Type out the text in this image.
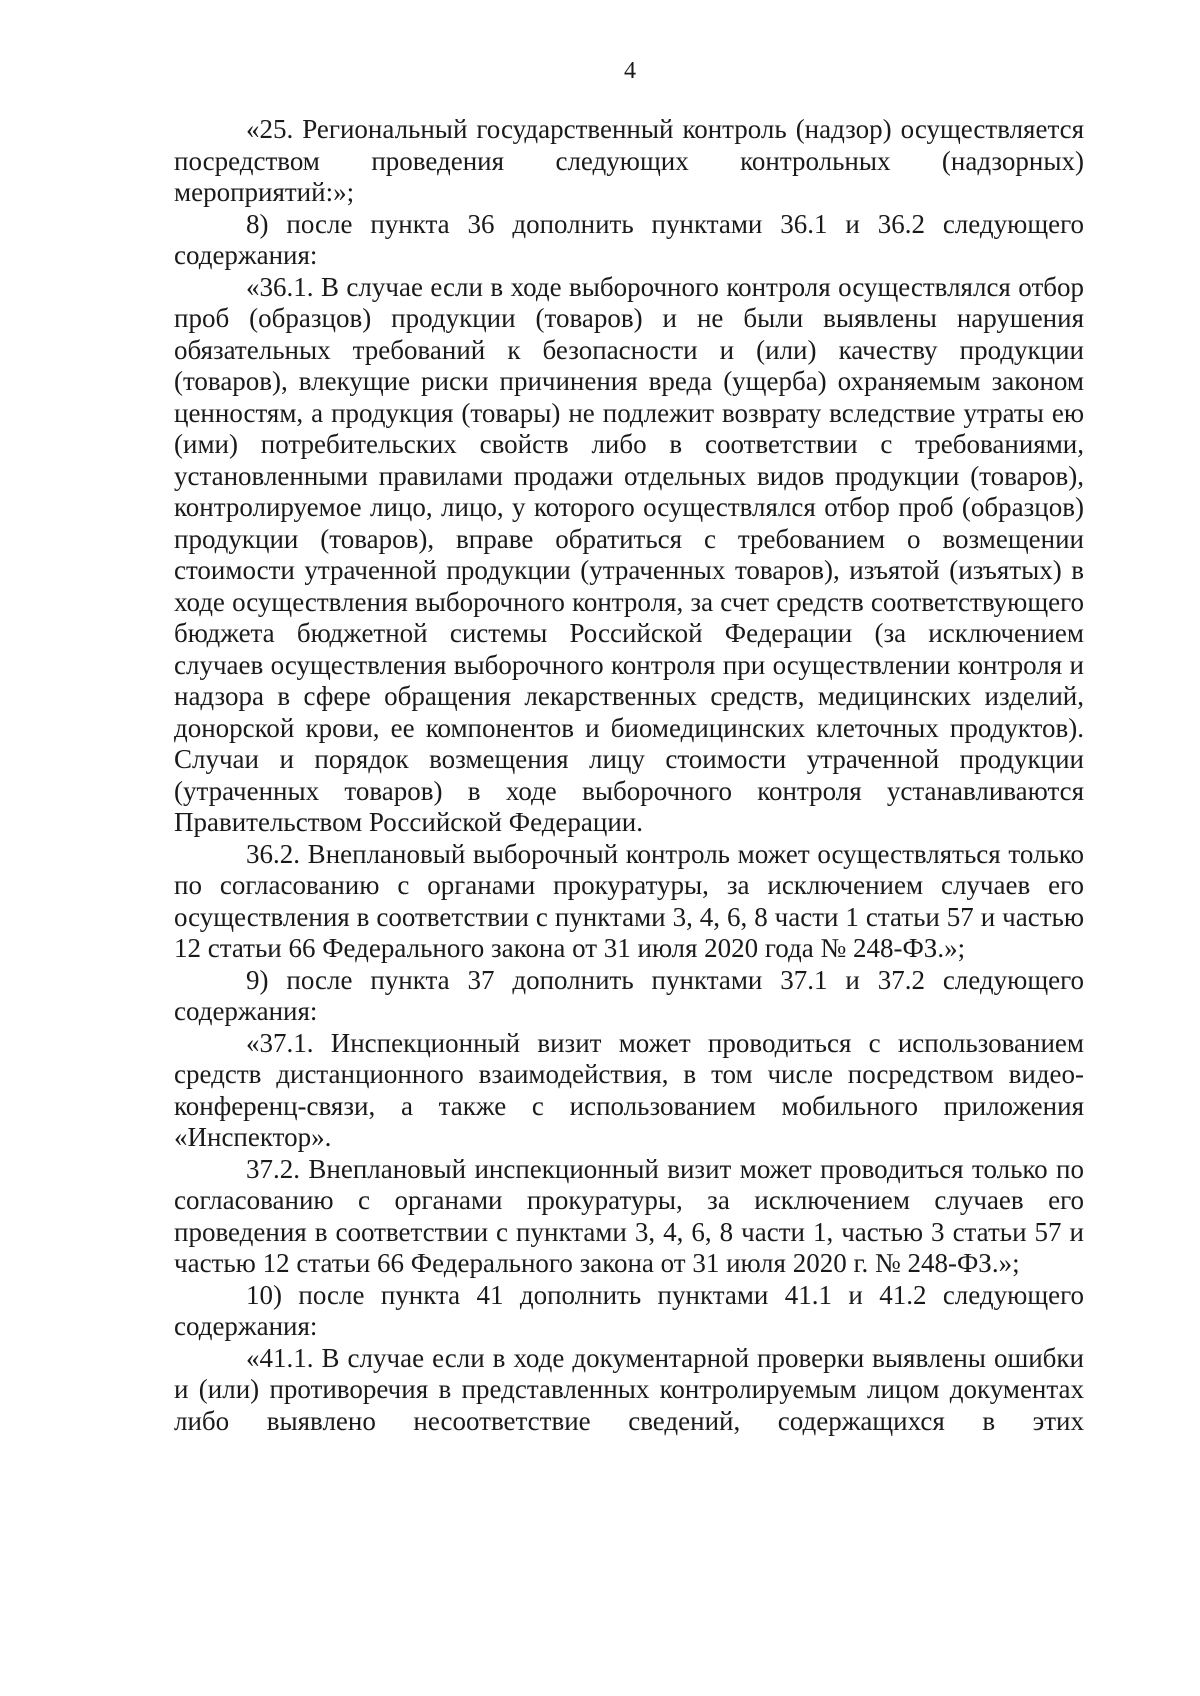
4

«25. Региональный государственный контроль (надзор) осуществляется посредством проведения следующих контрольных (надзорных) мероприятий:»;

8) после пункта 36 дополнить пунктами 36.1 и 36.2 следующего содержания:

«36.1. В случае если в ходе выборочного контроля осуществлялся отбор проб (образцов) продукции (товаров) и не были выявлены нарушения обязательных требований к безопасности и (или) качеству продукции (товаров), влекущие риски причинения вреда (ущерба) охраняемым законом ценностям, а продукция (товары) не подлежит возврату вследствие утраты ею (ими) потребительских свойств либо в соответствии с требованиями, установленными правилами продажи отдельных видов продукции (товаров), контролируемое лицо, лицо, у которого осуществлялся отбор проб (образцов) продукции (товаров), вправе обратиться с требованием о возмещении стоимости утраченной продукции (утраченных товаров), изъятой (изъятых) в ходе осуществления выборочного контроля, за счет средств соответствующего бюджета бюджетной системы Российской Федерации (за исключением случаев осуществления выборочного контроля при осуществлении контроля и надзора в сфере обращения лекарственных средств, медицинских изделий, донорской крови, ее компонентов и биомедицинских клеточных продуктов). Случаи и порядок возмещения лицу стоимости утраченной продукции (утраченных товаров) в ходе выборочного контроля устанавливаются Правительством Российской Федерации.

36.2. Внеплановый выборочный контроль может осуществляться только по согласованию с органами прокуратуры, за исключением случаев его осуществления в соответствии с пунктами 3, 4, 6, 8 части 1 статьи 57 и частью 12 статьи 66 Федерального закона от 31 июля 2020 года № 248-ФЗ.»;

9) после пункта 37 дополнить пунктами 37.1 и 37.2 следующего содержания:

«37.1. Инспекционный визит может проводиться с использованием средств дистанционного взаимодействия, в том числе посредством видео-конференц-связи, а также с использованием мобильного приложения «Инспектор».

37.2. Внеплановый инспекционный визит может проводиться только по согласованию с органами прокуратуры, за исключением случаев его проведения в соответствии с пунктами 3, 4, 6, 8 части 1, частью 3 статьи 57 и частью 12 статьи 66 Федерального закона от 31 июля 2020 г. № 248-ФЗ.»;

10) после пункта 41 дополнить пунктами 41.1 и 41.2 следующего содержания:

«41.1. В случае если в ходе документарной проверки выявлены ошибки и (или) противоречия в представленных контролируемым лицом документах либо выявлено несоответствие сведений, содержащихся в этих
